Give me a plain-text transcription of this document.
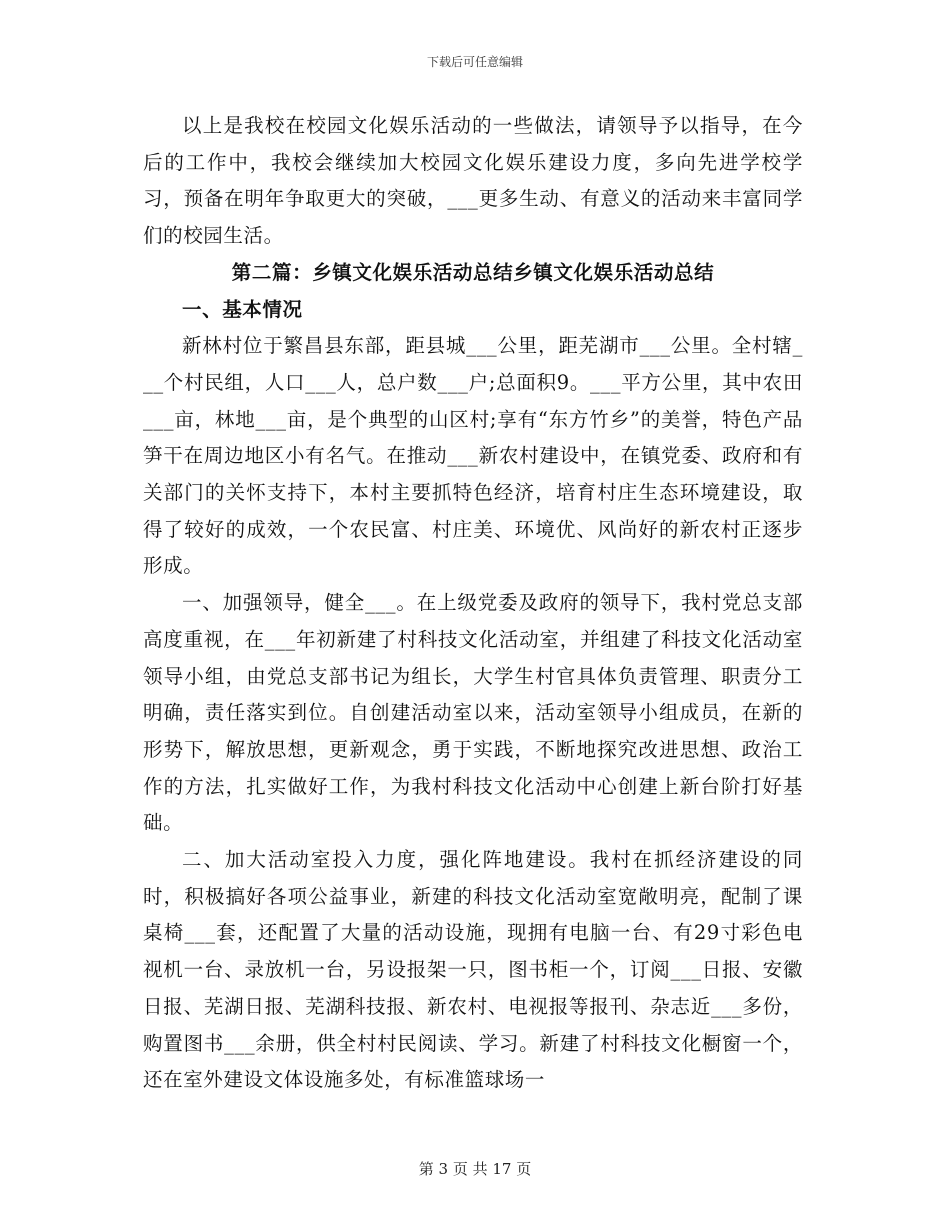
下载后可任意编辑

以上是我校在校园文化娱乐活动的一些做法，请领导予以指导，在今后的工作中，我校会继续加大校园文化娱乐建设力度，多向先进学校学习，预备在明年争取更大的突破，___更多生动、有意义的活动来丰富同学们的校园生活。

第二篇：乡镇文化娱乐活动总结乡镇文化娱乐活动总结

一、基本情况

新林村位于繁昌县东部，距县城___公里，距芜湖市___公里。全村辖___个村民组，人口___人，总户数___户;总面积9。___平方公里，其中农田___亩，林地___亩，是个典型的山区村;享有“东方竹乡”的美誉，特色产品笋干在周边地区小有名气。在推动___新农村建设中，在镇党委、政府和有关部门的关怀支持下，本村主要抓特色经济，培育村庄生态环境建设，取得了较好的成效，一个农民富、村庄美、环境优、风尚好的新农村正逐步形成。

一、加强领导，健全___。在上级党委及政府的领导下，我村党总支部高度重视，在___年初新建了村科技文化活动室，并组建了科技文化活动室领导小组，由党总支部书记为组长，大学生村官具体负责管理、职责分工明确，责任落实到位。自创建活动室以来，活动室领导小组成员，在新的形势下，解放思想，更新观念，勇于实践，不断地探究改进思想、政治工作的方法，扎实做好工作，为我村科技文化活动中心创建上新台阶打好基础。

二、加大活动室投入力度，强化阵地建设。我村在抓经济建设的同时，积极搞好各项公益事业，新建的科技文化活动室宽敞明亮，配制了课桌椅___套，还配置了大量的活动设施，现拥有电脑一台、有29寸彩色电视机一台、录放机一台，另设报架一只，图书柜一个，订阅___日报、安徽日报、芜湖日报、芜湖科技报、新农村、电视报等报刊、杂志近___多份，购置图书___余册，供全村村民阅读、学习。新建了村科技文化橱窗一个，还在室外建设文体设施多处，有标准篮球场一

第 3 页 共 17 页
